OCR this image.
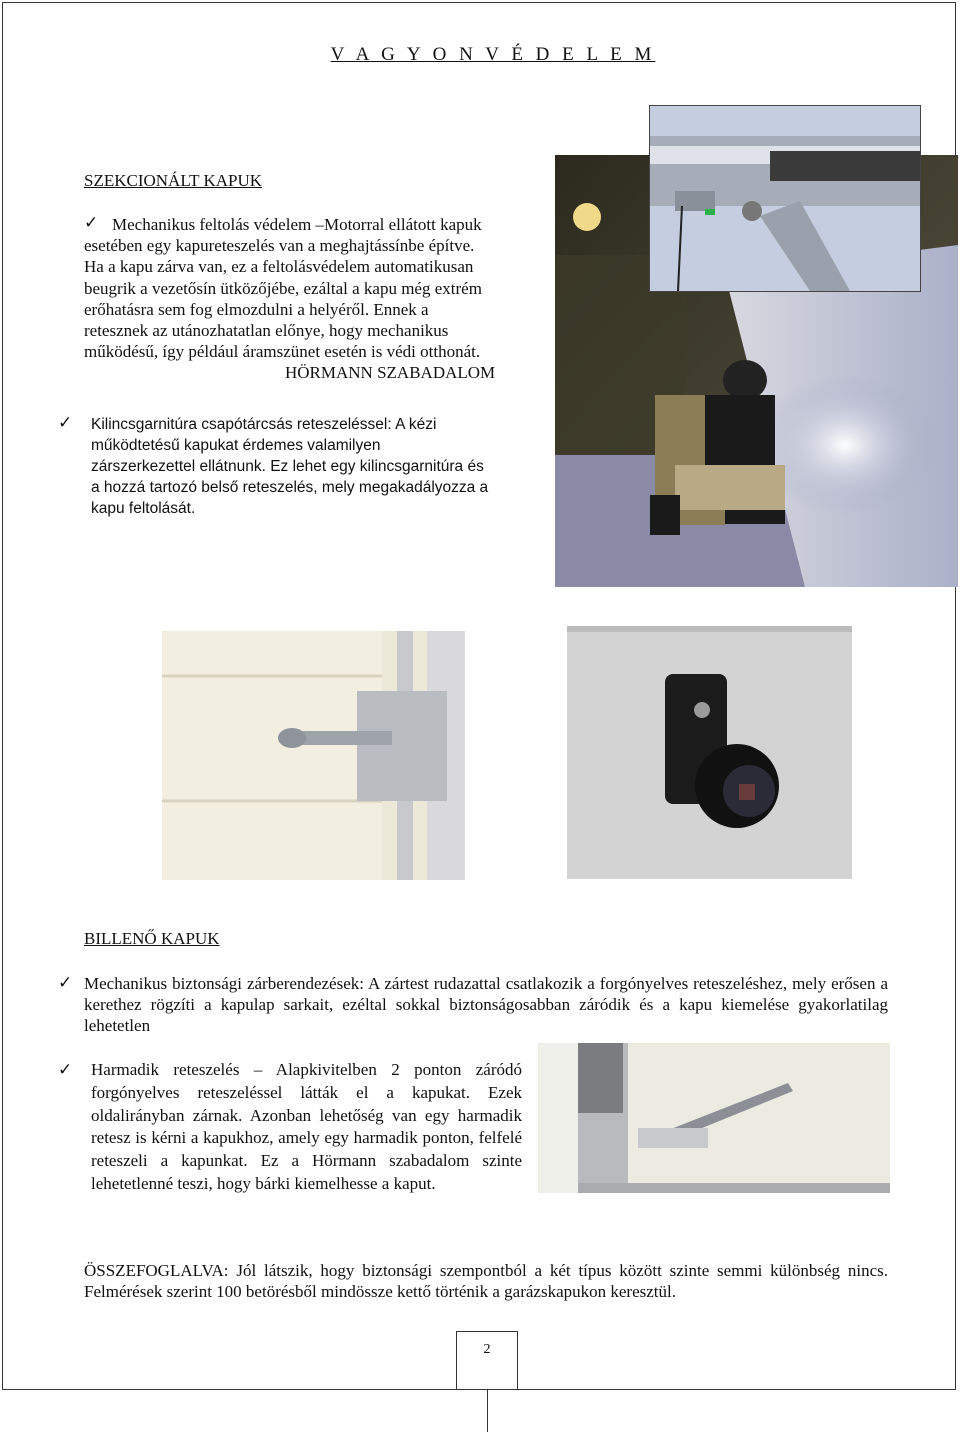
V A G Y O N V É D E L E M
SZEKCIONÁLT KAPUK
✓ Mechanikus feltolás védelem –Motorral ellátott kapuk
esetében egy kapureteszelés van a meghajtássínbe építve.
Ha a kapu zárva van, ez a feltolásvédelem automatikusan
beugrik a vezetősín ütközőjébe, ezáltal a kapu még extrém
erőhatásra sem fog elmozdulni a helyéről. Ennek a
retesznek az utánozhatatlan előnye, hogy mechanikus
működésű, így például áramszünet esetén is védi otthonát.
HÖRMANN SZABADALOM
✓ Kilincsgarnitúra csapótárcsás reteszeléssel: A kézi
működtetésű kapukat érdemes valamilyen
zárszerkezettel ellátnunk. Ez lehet egy kilincsgarnitúra és
a hozzá tartozó belső reteszelés, mely megakadályozza a
kapu feltolását.
BILLENŐ KAPUK
✓ Mechanikus biztonsági zárberendezések: A zártest rudazattal csatlakozik a forgónyelves reteszeléshez, mely erősen a kerethez rögzíti a kapulap sarkait, ezéltal sokkal biztonságosabban záródik és a kapu kiemelése gyakorlatilag lehetetlen

✓ Harmadik reteszelés – Alapkivitelben 2 ponton záródó forgónyelves reteszeléssel látták el a kapukat. Ezek oldalirányban zárnak. Azonban lehetőség van egy harmadik retesz is kérni a kapukhoz, amely egy harmadik ponton, felfelé reteszeli a kapunkat. Ez a Hörmann szabadalom szinte lehetetlenné teszi, hogy bárki kiemelhesse a kaput.

ÖSSZEFOGLALVA: Jól látszik, hogy biztonsági szempontból a két típus között szinte semmi különbség nincs. Felmérések szerint 100 betörésből mindössze kettő történik a garázskapukon keresztül.

2
